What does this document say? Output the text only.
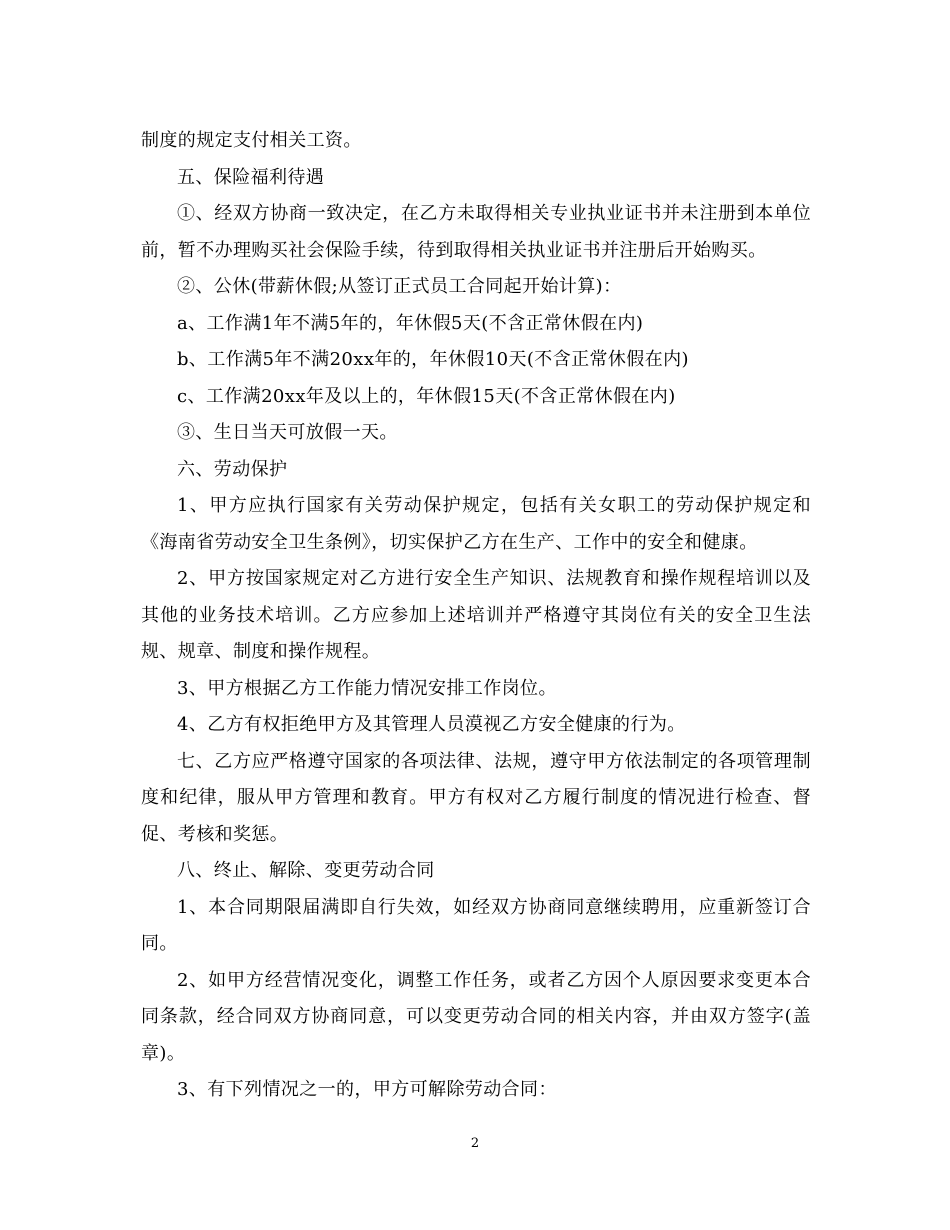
制度的规定支付相关工资。

五、保险福利待遇

①、经双方协商一致决定，在乙方未取得相关专业执业证书并未注册到本单位前，暂不办理购买社会保险手续，待到取得相关执业证书并注册后开始购买。

②、公休(带薪休假;从签订正式员工合同起开始计算)：

a、工作满1年不满5年的，年休假5天(不含正常休假在内)

b、工作满5年不满20xx年的，年休假10天(不含正常休假在内)

c、工作满20xx年及以上的，年休假15天(不含正常休假在内)

③、生日当天可放假一天。

六、劳动保护

1、甲方应执行国家有关劳动保护规定，包括有关女职工的劳动保护规定和《海南省劳动安全卫生条例》，切实保护乙方在生产、工作中的安全和健康。

2、甲方按国家规定对乙方进行安全生产知识、法规教育和操作规程培训以及其他的业务技术培训。乙方应参加上述培训并严格遵守其岗位有关的安全卫生法规、规章、制度和操作规程。

3、甲方根据乙方工作能力情况安排工作岗位。

4、乙方有权拒绝甲方及其管理人员漠视乙方安全健康的行为。

七、乙方应严格遵守国家的各项法律、法规，遵守甲方依法制定的各项管理制度和纪律，服从甲方管理和教育。甲方有权对乙方履行制度的情况进行检查、督促、考核和奖惩。

八、终止、解除、变更劳动合同

1、本合同期限届满即自行失效，如经双方协商同意继续聘用，应重新签订合同。

2、如甲方经营情况变化，调整工作任务，或者乙方因个人原因要求变更本合同条款，经合同双方协商同意，可以变更劳动合同的相关内容，并由双方签字(盖章)。

3、有下列情况之一的，甲方可解除劳动合同：

2
